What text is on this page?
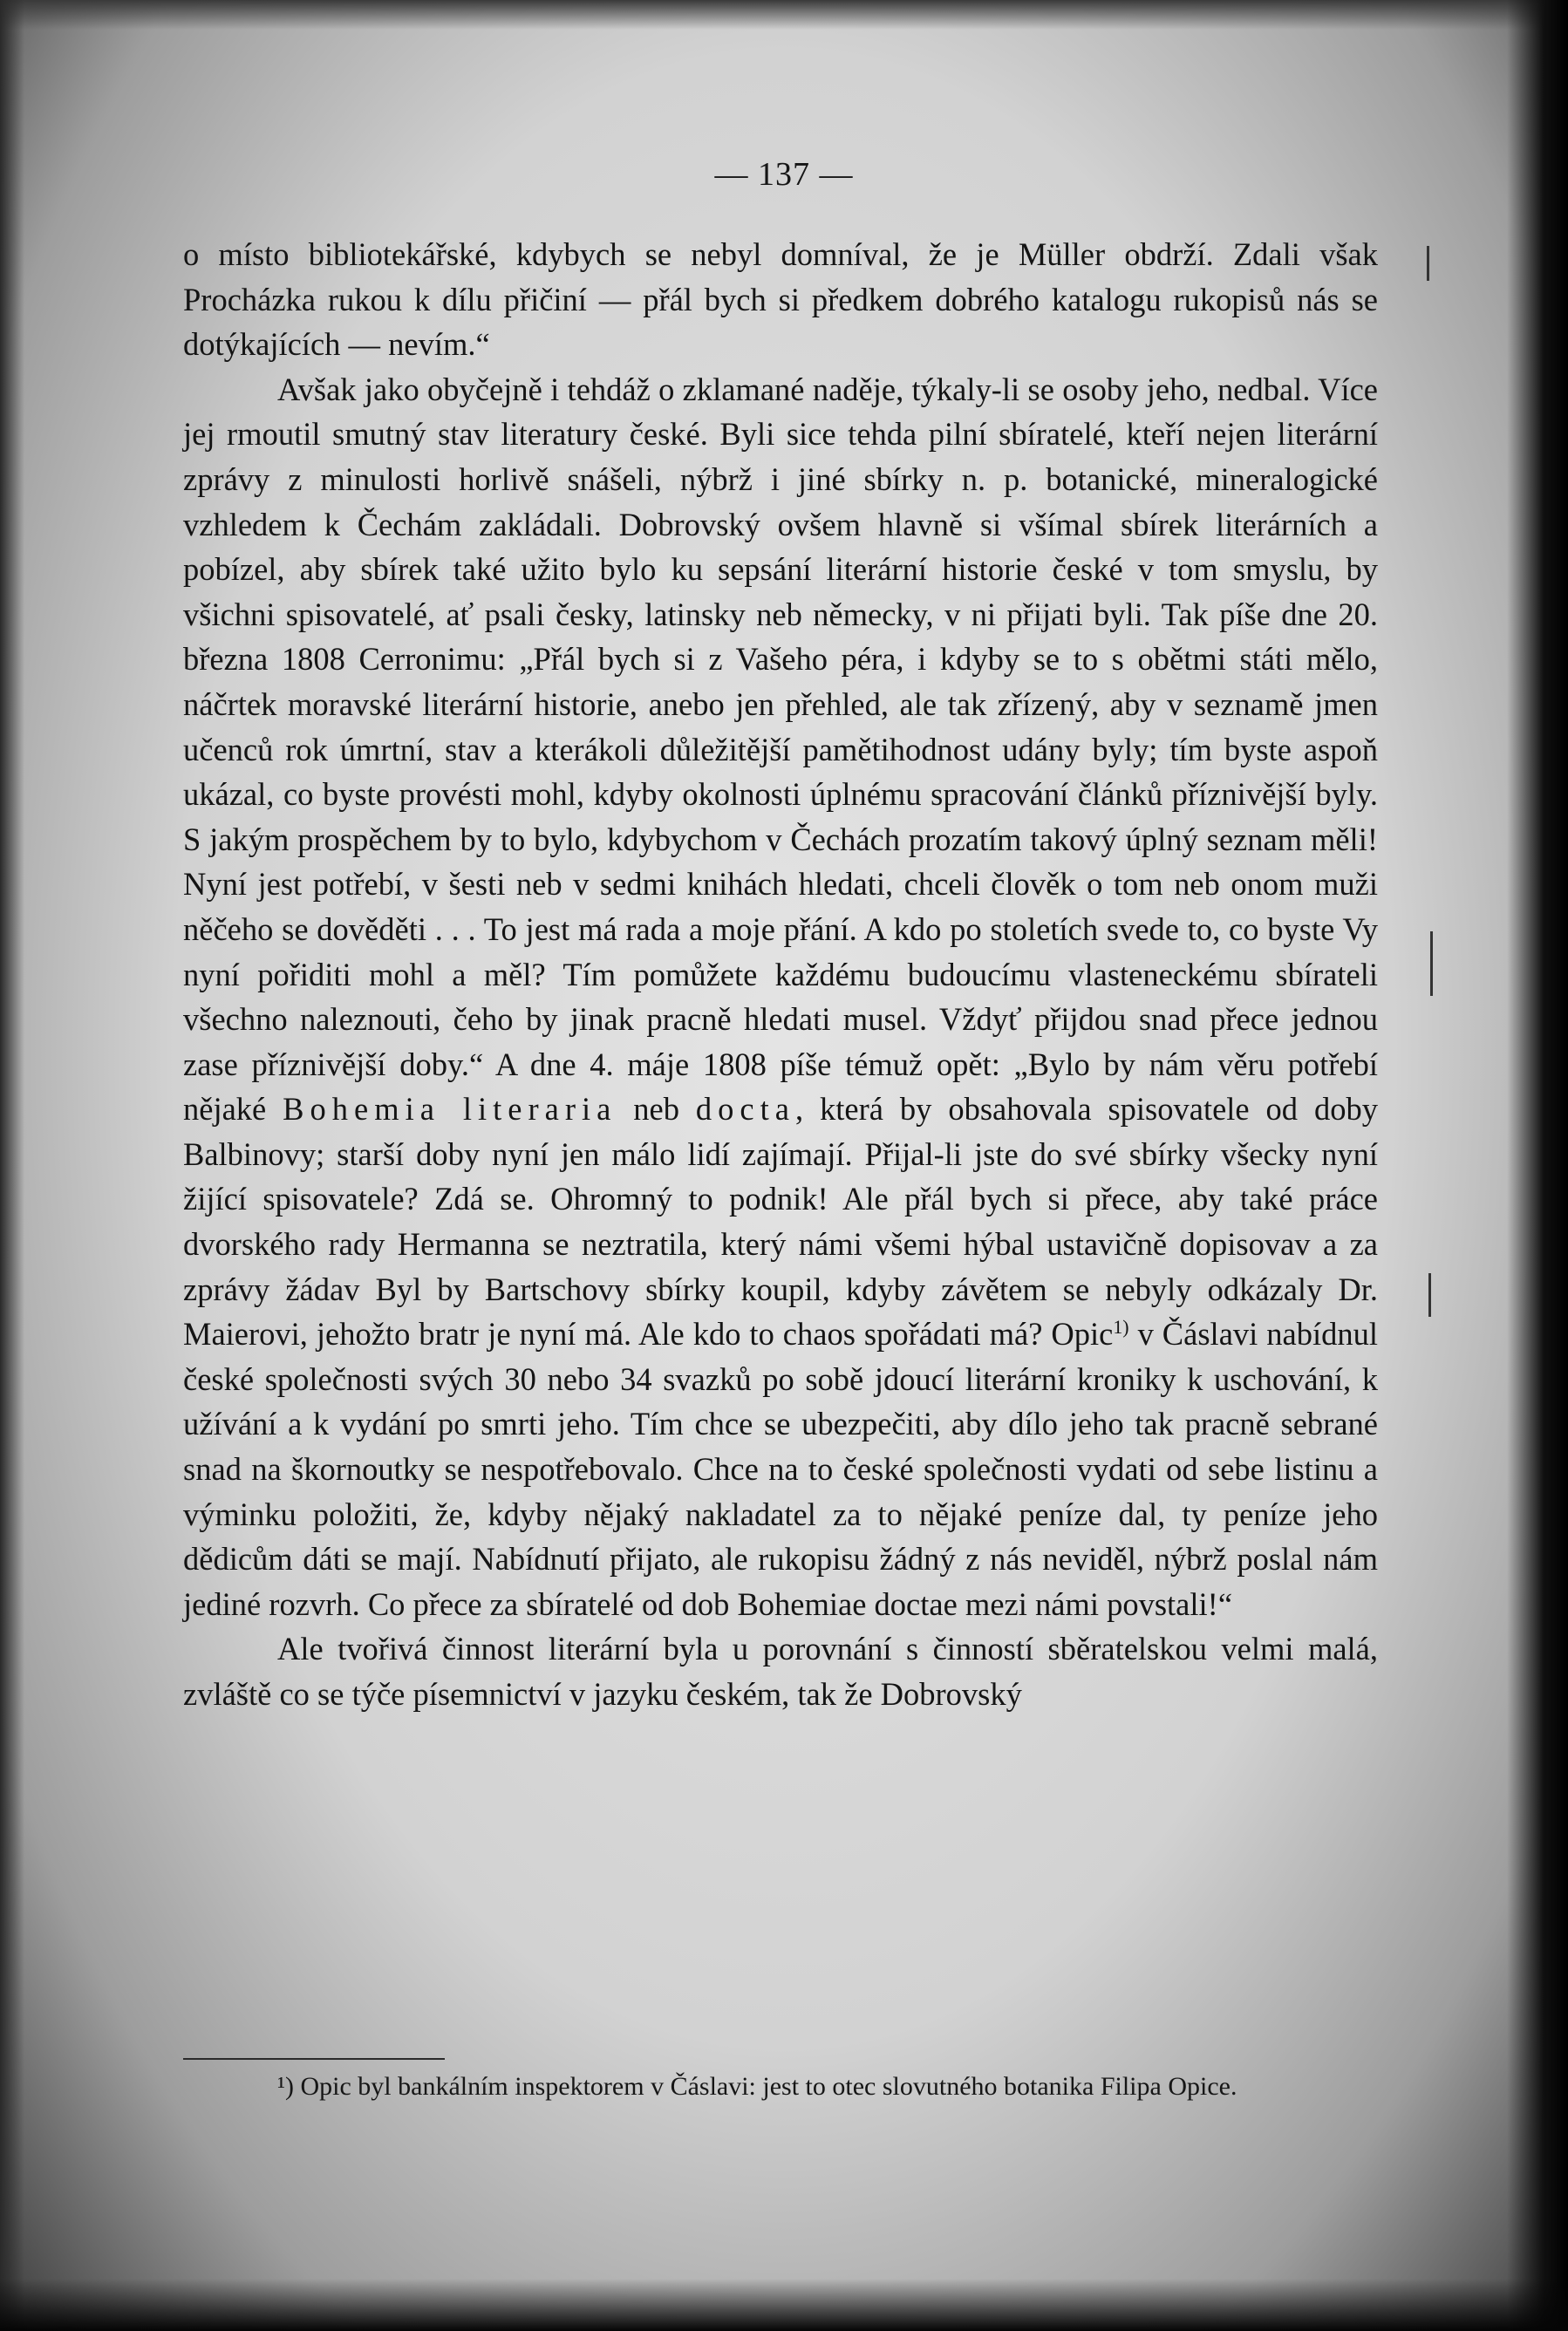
— 137 —

o místo bibliotekářské, kdybych se nebyl domníval, že je Müller obdrží. Zdali však Procházka rukou k dílu přičiní — přál bych si předkem dobrého katalogu rukopisů nás se dotýkajících — nevím.“

Avšak jako obyčejně i tehdáž o zklamané naděje, týkaly-li se osoby jeho, nedbal. Více jej rmoutil smutný stav literatury české. Byli sice tehda pilní sbíratelé, kteří nejen literární zprávy z minulosti horlivě snášeli, nýbrž i jiné sbírky n. p. botanické, mineralogické vzhledem k Čechám zakládali. Dobrovský ovšem hlavně si všímal sbírek literárních a pobízel, aby sbírek také užito bylo ku sepsání literární historie české v tom smyslu, by všichni spisovatelé, ať psali česky, latinsky neb německy, v ni přijati byli. Tak píše dne 20. března 1808 Cerronimu: „Přál bych si z Vašeho péra, i kdyby se to s obětmi státi mělo, náčrtek moravské literární historie, anebo jen přehled, ale tak zřízený, aby v seznamě jmen učenců rok úmrtní, stav a kterákoli důležitější pamětihodnost udány byly; tím byste aspoň ukázal, co byste provésti mohl, kdyby okolnosti úplnému spracování článků příznivější byly. S jakým prospěchem by to bylo, kdybychom v Čechách prozatím takový úplný seznam měli! Nyní jest potřebí, v šesti neb v sedmi knihách hledati, chceli člověk o tom neb onom muži něčeho se dověděti . . . To jest má rada a moje přání. A kdo po stoletích svede to, co byste Vy nyní pořiditi mohl a měl? Tím pomůžete každému budoucímu vlasteneckému sbírateli všechno naleznouti, čeho by jinak pracně hledati musel. Vždyť přijdou snad přece jednou zase příznivější doby.“ A dne 4. máje 1808 píše témuž opět: „Bylo by nám věru potřebí nějaké Bohemia literaria neb docta, která by obsahovala spisovatele od doby Balbinovy; starší doby nyní jen málo lidí zajímají. Přijal-li jste do své sbírky všecky nyní žijící spisovatele? Zdá se. Ohromný to podnik! Ale přál bych si přece, aby také práce dvorského rady Hermanna se neztratila, který námi všemi hýbal ustavičně dopisovav a za zprávy žádav Byl by Bartschovy sbírky koupil, kdyby závětem se nebyly odkázaly Dr. Maierovi, jehožto bratr je nyní má. Ale kdo to chaos spořádati má? Opic$^{1)}$ v Čáslavi nabídnul české společnosti svých 30 nebo 34 svazků po sobě jdoucí literární kroniky k uschování, k užívání a k vydání po smrti jeho. Tím chce se ubezpečiti, aby dílo jeho tak pracně sebrané snad na škornoutky se nespotřebovalo. Chce na to české společnosti vydati od sebe listinu a výminku položiti, že, kdyby nějaký nakladatel za to nějaké peníze dal, ty peníze jeho dědicům dáti se mají. Nabídnutí přijato, ale rukopisu žádný z nás neviděl, nýbrž poslal nám jediné rozvrh. Co přece za sbíratelé od dob Bohemiae doctae mezi námi povstali!“

Ale tvořivá činnost literární byla u porovnání s činností sběratelskou velmi malá, zvláště co se týče písemnictví v jazyku českém, tak že Dobrovský

¹) Opic byl bankálním inspektorem v Čáslavi: jest to otec slovutného botanika Filipa Opice.
